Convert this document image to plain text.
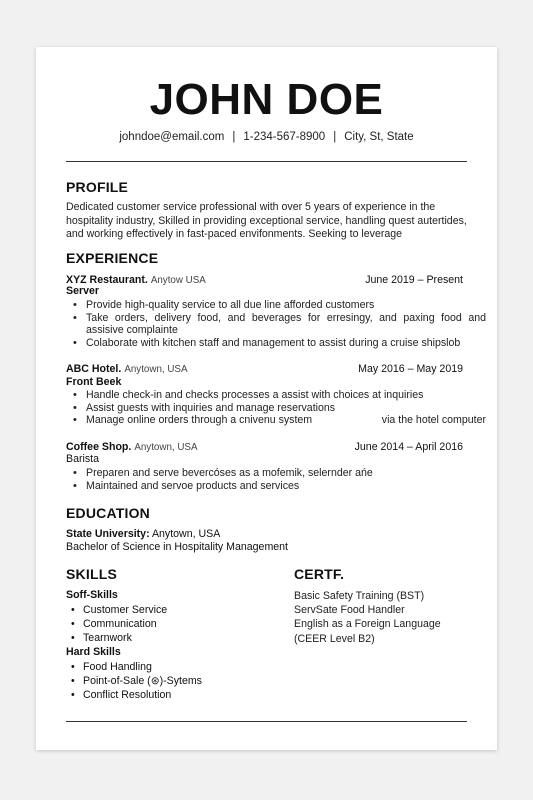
JOHN DOE
johndoe@email.com | 1-234-567-8900 | City, St, State
PROFILE
Dedicated customer service professional with over 5 years of experience in the hospitality industry, Skilled in providing exceptional service, handling quest autertides, and working effectively in fast-paced envifonments. Seeking to leverage
EXPERIENCE
XYZ Restaurant. Anytow USA	June 2019 – Present
Server
• Provide high-quality service to all due line afforded customers
• Take orders, delivery food, and beverages for erresingy, and paxing food and assisive complainte
• Colaborate with kitchen staff and management to assist during a cruise shipslob
ABC Hotel. Anytown, USA	May 2016 – May 2019
Front Beek
• Handle check-in and checks processes a assist with choices at inquiries
• Assist guests with inquiries and manage reservations
• Manage online orders through a cnivenu system	via the hotel computer
Coffee Shop. Anytown, USA	June 2014 – April 2016
Barista
• Preparen and serve bevercóses as a mofemik, selernder ańe
• Maintained and servoe products and services
EDUCATION
State University: Anytown, USA
Bachelor of Science in Hospitality Management
SKILLS
Soff-Skills
• Customer Service
• Communication
• Tearnwork
Hard Skills
• Food Handling
• Point-of-Sale (⊛)-Sytems
• Conflict Resolution
CERTF.
Basic Safety Training (BST)
ServSate Food Handler
English as a Foreign Language
(CEER Level B2)
